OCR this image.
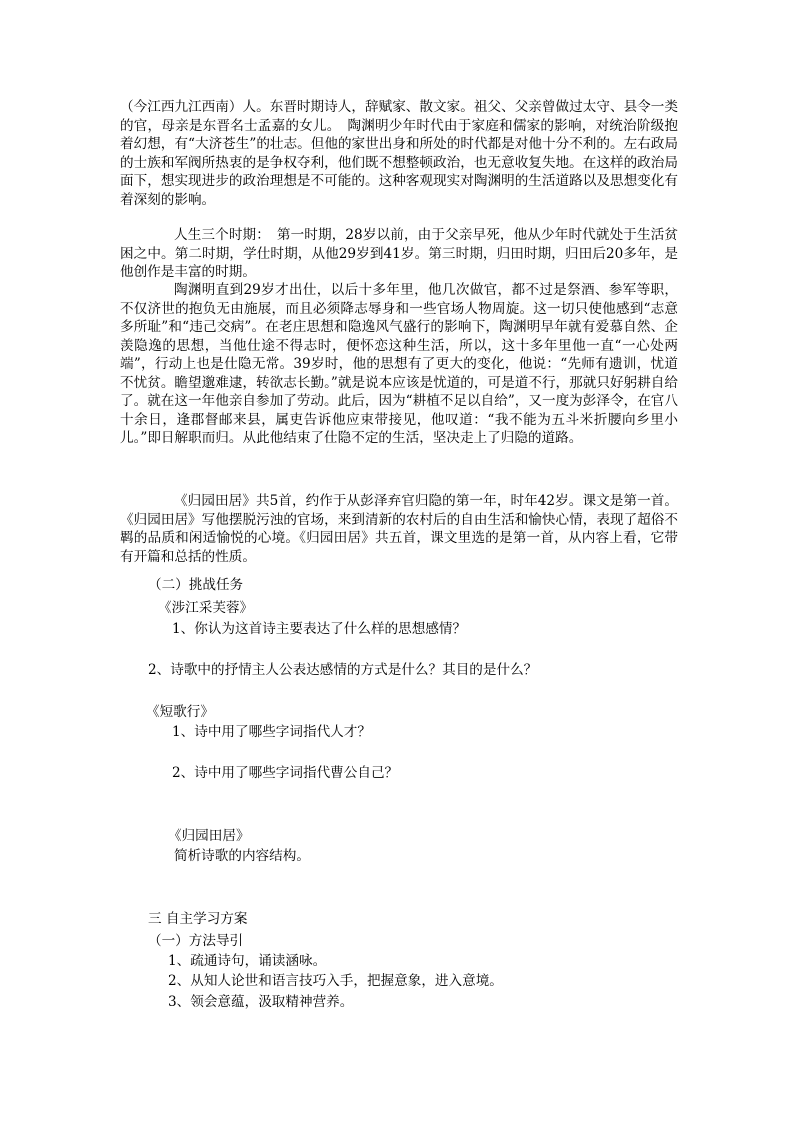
（今江西九江西南）人。东晋时期诗人，辞赋家、散文家。祖父、父亲曾做过太守、县令一类的官，母亲是东晋名士孟嘉的女儿。　陶渊明少年时代由于家庭和儒家的影响，对统治阶级抱着幻想，有“大济苍生”的壮志。但他的家世出身和所处的时代都是对他十分不利的。左右政局的士族和军阀所热衷的是争权夺利，他们既不想整顿政治，也无意收复失地。在这样的政治局面下，想实现进步的政治理想是不可能的。这种客观现实对陶渊明的生活道路以及思想变化有着深刻的影响。

人生三个时期：　第一时期，28岁以前，由于父亲早死，他从少年时代就处于生活贫困之中。第二时期，学仕时期，从他29岁到41岁。第三时期，归田时期，归田后20多年，是他创作是丰富的时期。

陶渊明直到29岁才出仕，以后十多年里，他几次做官，都不过是祭酒、参军等职，不仅济世的抱负无由施展，而且必须降志辱身和一些官场人物周旋。这一切只使他感到“志意多所耻”和“违己交病”。在老庄思想和隐逸风气盛行的影响下，陶渊明早年就有爱慕自然、企羡隐逸的思想，当他仕途不得志时，便怀恋这种生活，所以，这十多年里他一直“一心处两端”，行动上也是仕隐无常。39岁时，他的思想有了更大的变化，他说：“先师有遗训，忧道不忧贫。瞻望邈难逮，转欲志长勤。”就是说本应该是忧道的，可是道不行，那就只好躬耕自给了。就在这一年他亲自参加了劳动。此后，因为“耕植不足以自给”，又一度为彭泽令，在官八十余日，逢郡督邮来县，属吏告诉他应束带接见，他叹道：“我不能为五斗米折腰向乡里小儿。”即日解职而归。从此他结束了仕隐不定的生活，坚决走上了归隐的道路。

《归园田居》共5首，约作于从彭泽弃官归隐的第一年，时年42岁。课文是第一首。《归园田居》写他摆脱污浊的官场，来到清新的农村后的自由生活和愉快心情，表现了超俗不羁的品质和闲适愉悦的心境。《归园田居》共五首，课文里选的是第一首，从内容上看，它带有开篇和总括的性质。

（二）挑战任务

《涉江采芙蓉》

1、你认为这首诗主要表达了什么样的思想感情？

2、诗歌中的抒情主人公表达感情的方式是什么？其目的是什么？

《短歌行》

1、诗中用了哪些字词指代人才？

2、诗中用了哪些字词指代曹公自己？

《归园田居》

简析诗歌的内容结构。

三 自主学习方案

（一）方法导引

1、疏通诗句，诵读涵咏。

2、从知人论世和语言技巧入手，把握意象，进入意境。

3、领会意蕴，汲取精神营养。
